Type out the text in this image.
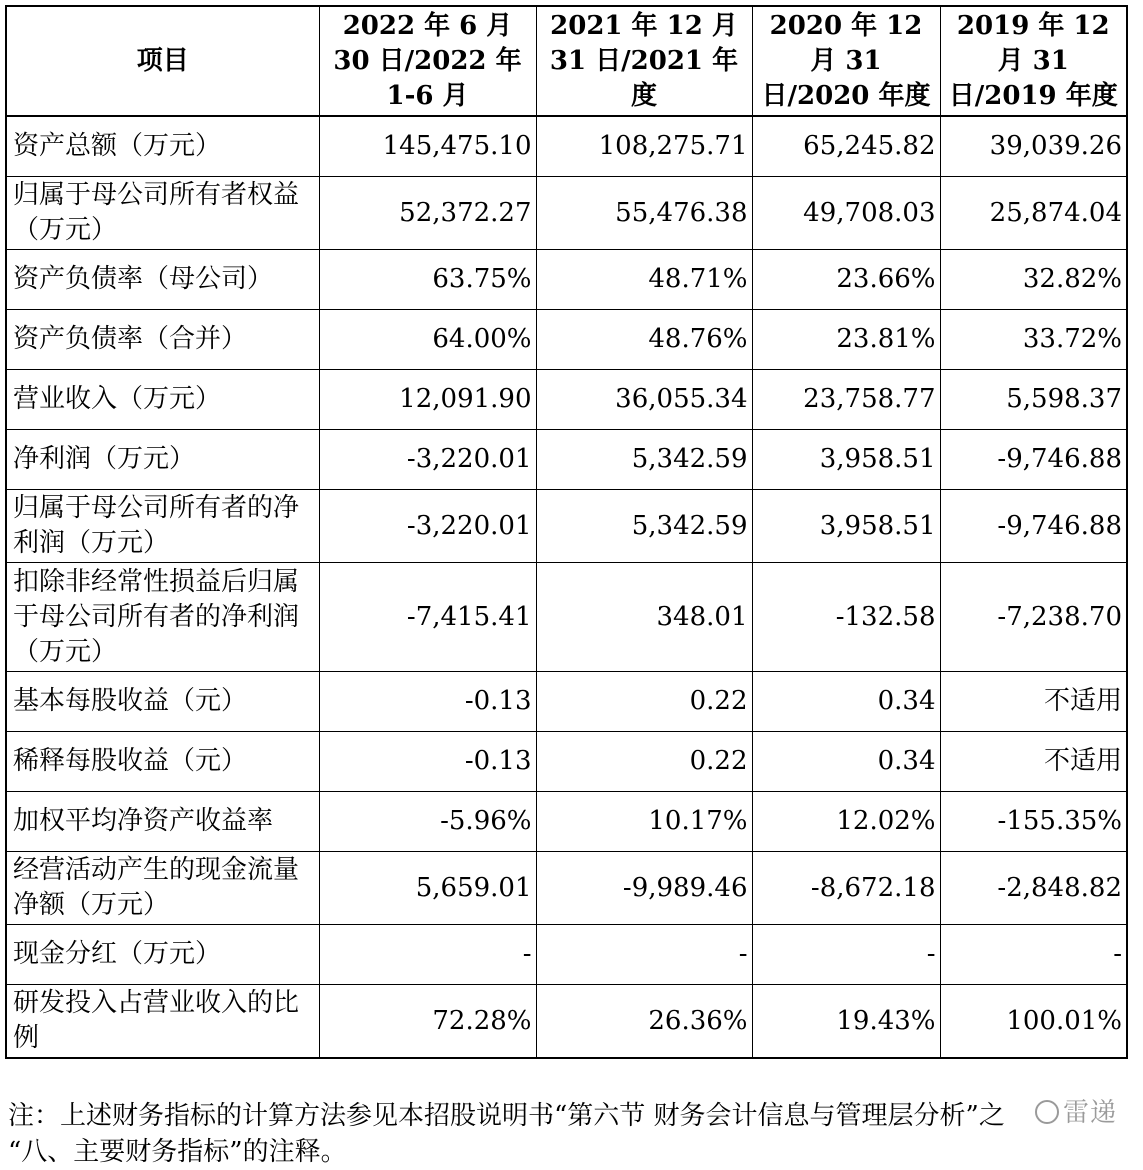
项目	2022 年 6 月 30 日/2022 年 1-6 月	2021 年 12 月 31 日/2021 年度	2020 年 12 月 31 日/2020 年度	2019 年 12 月 31 日/2019 年度
资产总额（万元）	145,475.10	108,275.71	65,245.82	39,039.26
归属于母公司所有者权益（万元）	52,372.27	55,476.38	49,708.03	25,874.04
资产负债率（母公司）	63.75%	48.71%	23.66%	32.82%
资产负债率（合并）	64.00%	48.76%	23.81%	33.72%
营业收入（万元）	12,091.90	36,055.34	23,758.77	5,598.37
净利润（万元）	-3,220.01	5,342.59	3,958.51	-9,746.88
归属于母公司所有者的净利润（万元）	-3,220.01	5,342.59	3,958.51	-9,746.88
扣除非经常性损益后归属于母公司所有者的净利润（万元）	-7,415.41	348.01	-132.58	-7,238.70
基本每股收益（元）	-0.13	0.22	0.34	不适用
稀释每股收益（元）	-0.13	0.22	0.34	不适用
加权平均净资产收益率	-5.96%	10.17%	12.02%	-155.35%
经营活动产生的现金流量净额（万元）	5,659.01	-9,989.46	-8,672.18	-2,848.82
现金分红（万元）	-	-	-	-
研发投入占营业收入的比例	72.28%	26.36%	19.43%	100.01%
注：上述财务指标的计算方法参见本招股说明书“第六节 财务会计信息与管理层分析”之
“八、主要财务指标”的注释。
雷递
